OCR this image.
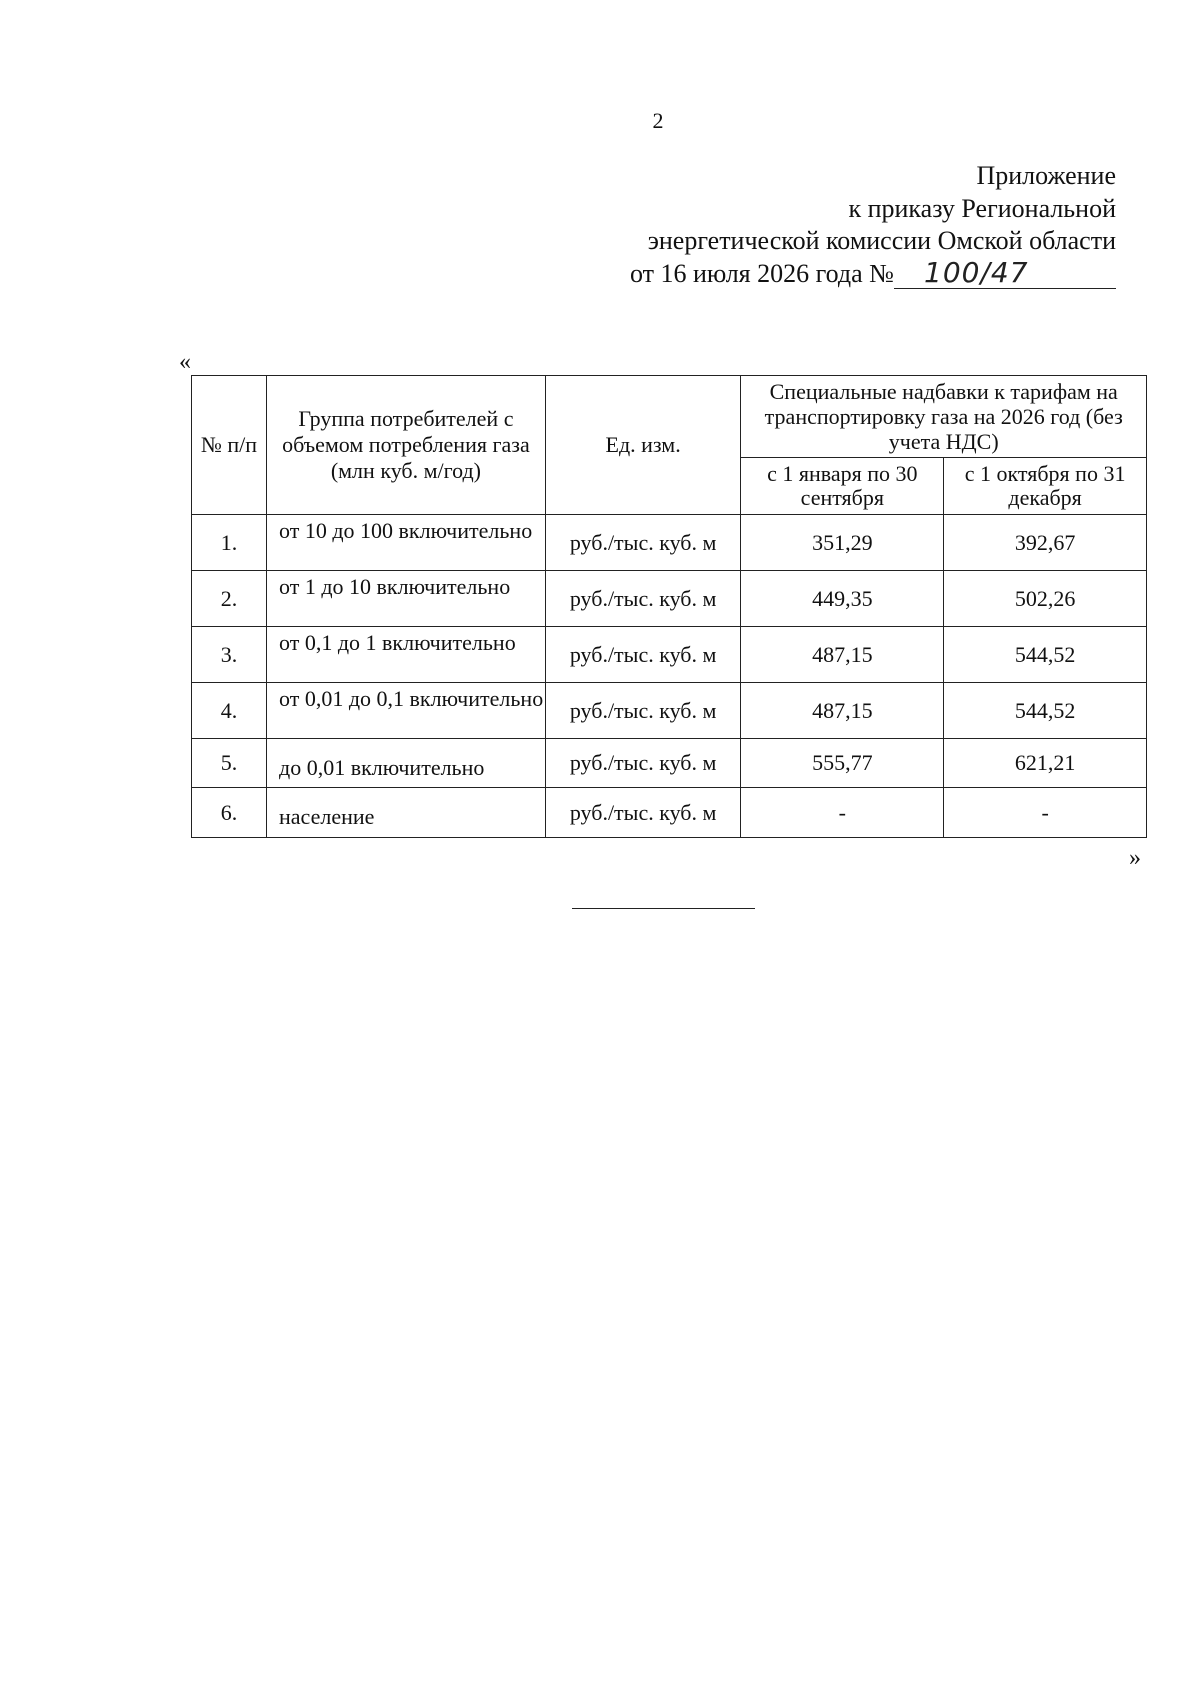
2
Приложение
к приказу Региональной
энергетической комиссии Омской области
от 16 июля 2026 года № 100/47
«
№ п/п	Группа потребителей с объемом потребления газа (млн куб. м/год)	Ед. изм.	Специальные надбавки к тарифам на транспортировку газа на 2026 год (без учета НДС)	
			с 1 января по 30 сентября	с 1 октября по 31 декабря
1.	от 10 до 100 включительно	руб./тыс. куб. м	351,29	392,67
2.	от 1 до 10 включительно	руб./тыс. куб. м	449,35	502,26
3.	от 0,1 до 1 включительно	руб./тыс. куб. м	487,15	544,52
4.	от 0,01 до 0,1 включительно	руб./тыс. куб. м	487,15	544,52
5.	до 0,01 включительно	руб./тыс. куб. м	555,77	621,21
6.	население	руб./тыс. куб. м	-	-
»
